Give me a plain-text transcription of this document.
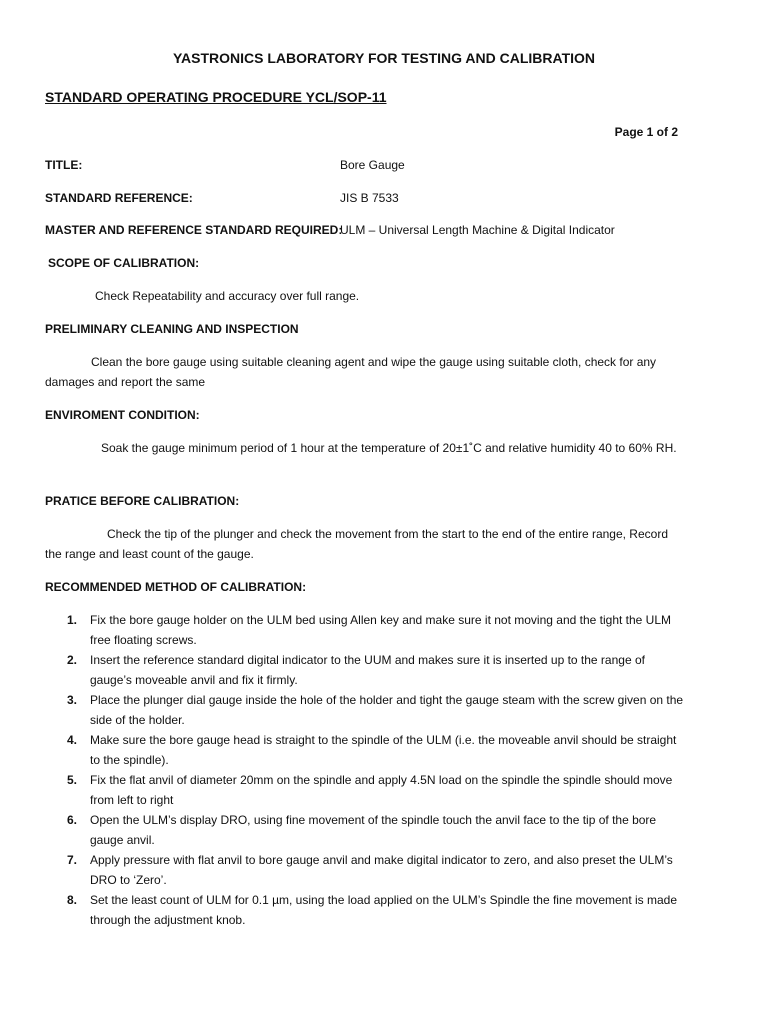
YASTRONICS LABORATORY FOR TESTING AND CALIBRATION
STANDARD OPERATING PROCEDURE YCL/SOP-11
Page 1 of 2
TITLE:	Bore Gauge
STANDARD REFERENCE:	JIS B 7533
MASTER AND REFERENCE STANDARD REQUIRED:
ULM – Universal Length Machine & Digital Indicator
SCOPE OF CALIBRATION:
Check Repeatability and accuracy over full range.
PRELIMINARY CLEANING AND INSPECTION
Clean the bore gauge using suitable cleaning agent and wipe the gauge using suitable cloth, check for any damages and report the same
ENVIROMENT CONDITION:
Soak the gauge minimum period of 1 hour at the temperature of 20±1˚C and relative humidity 40 to 60% RH.
PRATICE BEFORE CALIBRATION:
Check the tip of the plunger and check the movement from the start to the end of the entire range, Record the range and least count of the gauge.
RECOMMENDED METHOD OF CALIBRATION:
1. Fix the bore gauge holder on the ULM bed using Allen key and make sure it not moving and the tight the ULM free floating screws.
2. Insert the reference standard digital indicator to the UUM and makes sure it is inserted up to the range of gauge’s moveable anvil and fix it firmly.
3. Place the plunger dial gauge inside the hole of the holder and tight the gauge steam with the screw given on the side of the holder.
4. Make sure the bore gauge head is straight to the spindle of the ULM (i.e. the moveable anvil should be straight to the spindle).
5. Fix the flat anvil of diameter 20mm on the spindle and apply 4.5N load on the spindle the spindle should move from left to right
6. Open the ULM’s display DRO, using fine movement of the spindle touch the anvil face to the tip of the bore gauge anvil.
7. Apply pressure with flat anvil to bore gauge anvil and make digital indicator to zero, and also preset the ULM’s DRO to ‘Zero’.
8. Set the least count of ULM for 0.1 µm, using the load applied on the ULM’s Spindle the fine movement is made through the adjustment knob.
